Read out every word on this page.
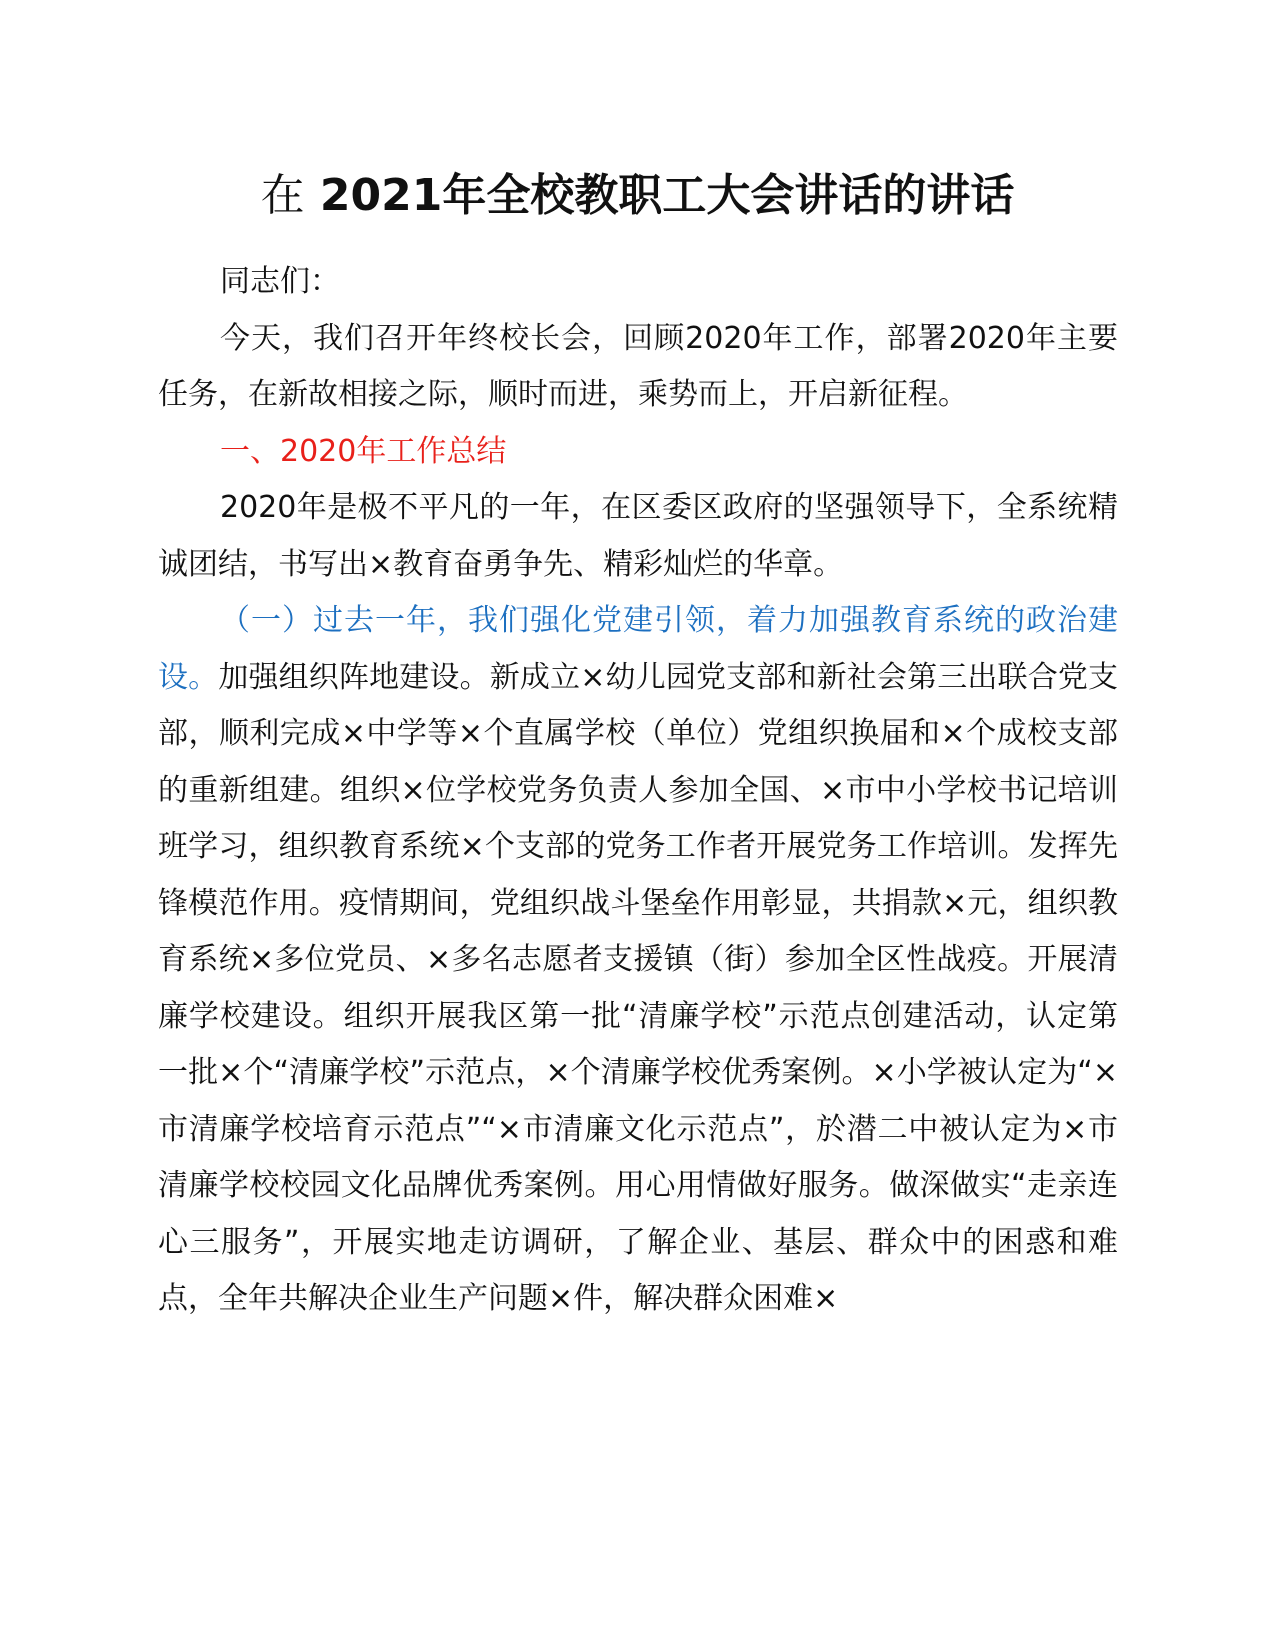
在 2021年全校教职工大会讲话的讲话

同志们：

今天，我们召开年终校长会，回顾2020年工作，部署2020年主要任务，在新故相接之际，顺时而进，乘势而上，开启新征程。

一、2020年工作总结

2020年是极不平凡的一年，在区委区政府的坚强领导下，全系统精诚团结，书写出×教育奋勇争先、精彩灿烂的华章。

（一）过去一年，我们强化党建引领，着力加强教育系统的政治建设。加强组织阵地建设。新成立×幼儿园党支部和新社会第三出联合党支部，顺利完成×中学等×个直属学校（单位）党组织换届和×个成校支部的重新组建。组织×位学校党务负责人参加全国、×市中小学校书记培训班学习，组织教育系统×个支部的党务工作者开展党务工作培训。发挥先锋模范作用。疫情期间，党组织战斗堡垒作用彰显，共捐款×元，组织教育系统×多位党员、×多名志愿者支援镇（街）参加全区性战疫。开展清廉学校建设。组织开展我区第一批“清廉学校”示范点创建活动，认定第一批×个“清廉学校”示范点，×个清廉学校优秀案例。×小学被认定为“×市清廉学校培育示范点”“×市清廉文化示范点”，於潜二中被认定为×市清廉学校校园文化品牌优秀案例。用心用情做好服务。做深做实“走亲连心三服务”，开展实地走访调研，了解企业、基层、群众中的困惑和难点，全年共解决企业生产问题×件，解决群众困难×
